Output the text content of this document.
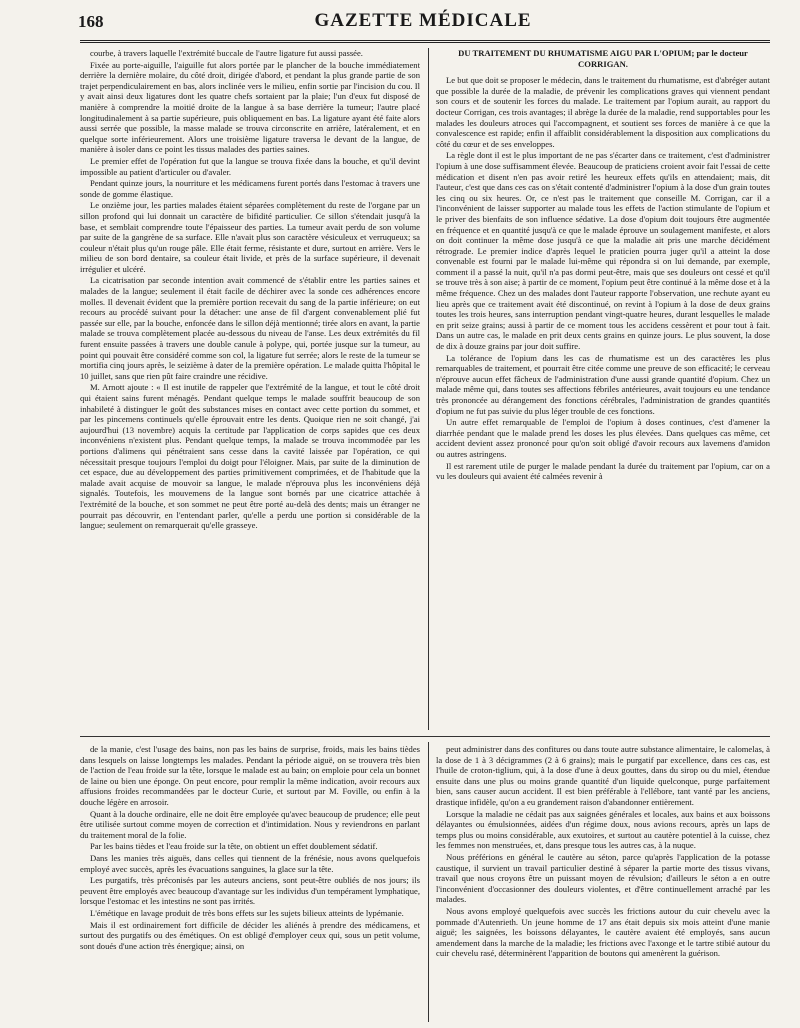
168	GAZETTE MÉDICALE

courbe, à travers laquelle l'extrémité buccale de l'autre ligature fut aussi passée.

Fixée au porte-aiguille, l'aiguille fut alors portée par le plancher de la bouche immédiatement derrière la dernière molaire, du côté droit, dirigée d'abord, et pendant la plus grande partie de son trajet perpendiculairement en bas, alors inclinée vers le milieu, enfin sortie par l'incision du cou. Il y avait ainsi deux ligatures dont les quatre chefs sortaient par la plaie; l'un d'eux fut disposé de manière à comprendre la moitié droite de la langue à sa base derrière la tumeur; l'autre placé longitudinalement à sa partie supérieure, puis obliquement en bas. La ligature ayant été faite alors aussi serrée que possible, la masse malade se trouva circonscrite en arrière, latéralement, et en quelque sorte inférieurement. Alors une troisième ligature traversa le devant de la langue, de manière à isoler dans ce point les tissus malades des parties saines.

Le premier effet de l'opération fut que la langue se trouva fixée dans la bouche, et qu'il devint impossible au patient d'articuler ou d'avaler.

Pendant quinze jours, la nourriture et les médicamens furent portés dans l'estomac à travers une sonde de gomme élastique.

Le onzième jour, les parties malades étaient séparées complètement du reste de l'organe par un sillon profond qui lui donnait un caractère de bifidité particulier. Ce sillon s'étendait jusqu'à la base, et semblait comprendre toute l'épaisseur des parties. La tumeur avait perdu de son volume par suite de la gangrène de sa surface. Elle n'avait plus son caractère vésiculeux et verruqueux; sa couleur n'était plus qu'un rouge pâle. Elle était ferme, résistante et dure, surtout en arrière. Vers le milieu de son bord dentaire, sa couleur était livide, et près de la surface supérieure, il devenait irrégulier et ulcéré.

La cicatrisation par seconde intention avait commencé de s'établir entre les parties saines et malades de la langue; seulement il était facile de déchirer avec la sonde ces adhérences encore molles. Il devenait évident que la première portion recevait du sang de la partie inférieure; on eut recours au procédé suivant pour la détacher: une anse de fil d'argent convenablement plié fut passée sur elle, par la bouche, enfoncée dans le sillon déjà mentionné; tirée alors en avant, la partie malade se trouva complètement placée au-dessous du niveau de l'anse. Les deux extrémités du fil furent ensuite passées à travers une double canule à polype, qui, portée jusque sur la tumeur, au point qui pouvait être considéré comme son col, la ligature fut serrée; alors le reste de la tumeur se mortifia cinq jours après, le seizième à dater de la première opération. Le malade quitta l'hôpital le 10 juillet, sans que rien pût faire craindre une récidive.

M. Arnott ajoute : « Il est inutile de rappeler que l'extrémité de la langue, et tout le côté droit qui étaient sains furent ménagés. Pendant quelque temps le malade souffrit beaucoup de son inhabileté à distinguer le goût des substances mises en contact avec cette portion du sommet, et par les pincemens continuels qu'elle éprouvait entre les dents. Quoique rien ne soit changé, j'ai aujourd'hui (13 novembre) acquis la certitude par l'application de corps sapides que ces deux inconvéniens n'existent plus. Pendant quelque temps, la malade se trouva incommodée par les portions d'alimens qui pénétraient sans cesse dans la cavité laissée par l'opération, ce qui nécessitait presque toujours l'emploi du doigt pour l'éloigner. Mais, par suite de la diminution de cet espace, due au développement des parties primitivement comprimées, et de l'habitude que la malade avait acquise de mouvoir sa langue, le malade n'éprouva plus les inconvéniens déjà signalés. Toutefois, les mouvemens de la langue sont bornés par une cicatrice attachée à l'extrémité de la bouche, et son sommet ne peut être porté au-delà des dents; mais un étranger ne pourrait pas découvrir, en l'entendant parler, qu'elle a perdu une portion si considérable de la langue; seulement on remarquerait qu'elle grasseye.

DU TRAITEMENT DU RHUMATISME AIGU PAR L'OPIUM; par le docteur CORRIGAN.

Le but que doit se proposer le médecin, dans le traitement du rhumatisme, est d'abréger autant que possible la durée de la maladie, de prévenir les complications graves qui viennent pendant son cours et de soutenir les forces du malade. Le traitement par l'opium aurait, au rapport du docteur Corrigan, ces trois avantages; il abrège la durée de la maladie, rend supportables pour les malades les douleurs atroces qui l'accompagnent, et soutient ses forces de manière à ce que la convalescence est rapide; enfin il affaiblit considérablement la disposition aux complications du côté du cœur et de ses enveloppes.

La règle dont il est le plus important de ne pas s'écarter dans ce traitement, c'est d'administrer l'opium à une dose suffisamment élevée. Beaucoup de praticiens croient avoir fait l'essai de cette médication et disent n'en pas avoir retiré les heureux effets qu'ils en attendaient; mais, dit l'auteur, c'est que dans ces cas on s'était contenté d'administrer l'opium à la dose d'un grain toutes les cinq ou six heures. Or, ce n'est pas le traitement que conseille M. Corrigan, car il a l'inconvénient de laisser supporter au malade tous les effets de l'action stimulante de l'opium et le priver des bienfaits de son influence sédative. La dose d'opium doit toujours être augmentée en fréquence et en quantité jusqu'à ce que le malade éprouve un soulagement manifeste, et alors on doit continuer la même dose jusqu'à ce que la maladie ait pris une marche décidément rétrograde. Le premier indice d'après lequel le praticien pourra juger qu'il a atteint la dose convenable est fourni par le malade lui-même qui répondra si on lui demande, par exemple, comment il a passé la nuit, qu'il n'a pas dormi peut-être, mais que ses douleurs ont cessé et qu'il se trouve très à son aise; à partir de ce moment, l'opium peut être continué à la même dose et à la même fréquence. Chez un des malades dont l'auteur rapporte l'observation, une rechute ayant eu lieu après que ce traitement avait été discontinué, on revint à l'opium à la dose de deux grains toutes les trois heures, sans interruption pendant vingt-quatre heures, durant lesquelles le malade en prit seize grains; aussi à partir de ce moment tous les accidens cessèrent et pour tout à fait. Dans un autre cas, le malade en prit deux cents grains en quinze jours. Le plus souvent, la dose de dix à douze grains par jour doit suffire.

La tolérance de l'opium dans les cas de rhumatisme est un des caractères les plus remarquables de traitement, et pourrait être citée comme une preuve de son efficacité; le cerveau n'éprouve aucun effet fâcheux de l'administration d'une aussi grande quantité d'opium. Chez un malade même qui, dans toutes ses affections fébriles antérieures, avait toujours eu une tendance très prononcée au dérangement des fonctions cérébrales, l'administration de grandes quantités d'opium ne fut pas suivie du plus léger trouble de ces fonctions.

Un autre effet remarquable de l'emploi de l'opium à doses continues, c'est d'amener la diarrhée pendant que le malade prend les doses les plus élevées. Dans quelques cas même, cet accident devient assez prononcé pour qu'on soit obligé d'avoir recours aux lavemens d'amidon ou autres astringens.

Il est rarement utile de purger le malade pendant la durée du traitement par l'opium, car on a vu les douleurs qui avaient été calmées revenir à

de la manie, c'est l'usage des bains, non pas les bains de surprise, froids, mais les bains tièdes dans lesquels on laisse longtemps les malades. Pendant la période aiguë, on se trouvera très bien de l'action de l'eau froide sur la tête, lorsque le malade est au bain; on emploie pour cela un bonnet de laine ou bien une éponge. On peut encore, pour remplir la même indication, avoir recours aux affusions froides recommandées par le docteur Curie, et surtout par M. Foville, ou enfin à la douche légère en arrosoir.

Quant à la douche ordinaire, elle ne doit être employée qu'avec beaucoup de prudence; elle peut être utilisée surtout comme moyen de correction et d'intimidation. Nous y reviendrons en parlant du traitement moral de la folie.

Par les bains tièdes et l'eau froide sur la tête, on obtient un effet doublement sédatif.

Dans les manies très aiguës, dans celles qui tiennent de la frénésie, nous avons quelquefois employé avec succès, après les évacuations sanguines, la glace sur la tête.

Les purgatifs, très préconisés par les auteurs anciens, sont peut-être oubliés de nos jours; ils peuvent être employés avec beaucoup d'avantage sur les individus d'un tempérament lymphatique, lorsque l'estomac et les intestins ne sont pas irrités.

L'émétique en lavage produit de très bons effets sur les sujets bilieux atteints de lypémanie.

Mais il est ordinairement fort difficile de décider les aliénés à prendre des médicamens, et surtout des purgatifs ou des émétiques. On est obligé d'employer ceux qui, sous un petit volume, sont doués d'une action très énergique; ainsi, on

peut administrer dans des confitures ou dans toute autre substance alimentaire, le calomelas, à la dose de 1 à 3 décigrammes (2 à 6 grains); mais le purgatif par excellence, dans ces cas, est l'huile de croton-tiglium, qui, à la dose d'une à deux gouttes, dans du sirop ou du miel, étendue ensuite dans une plus ou moins grande quantité d'un liquide quelconque, purge parfaitement bien, sans causer aucun accident. Il est bien préférable à l'ellébore, tant vanté par les anciens, drastique infidèle, qu'on a eu grandement raison d'abandonner entièrement.

Lorsque la maladie ne cédait pas aux saignées générales et locales, aux bains et aux boissons délayantes ou émulsionnées, aidées d'un régime doux, nous avions recours, après un laps de temps plus ou moins considérable, aux exutoires, et surtout au cautère potentiel à la cuisse, chez les femmes non menstruées, et, dans presque tous les autres cas, à la nuque.

Nous préférions en général le cautère au séton, parce qu'après l'application de la potasse caustique, il survient un travail particulier destiné à séparer la partie morte des tissus vivans, travail que nous croyons être un puissant moyen de révulsion; d'ailleurs le séton a en outre l'inconvénient d'occasionner des douleurs violentes, et d'être continuellement arraché par les malades.

Nous avons employé quelquefois avec succès les frictions autour du cuir chevelu avec la pommade d'Autenrieth. Un jeune homme de 17 ans était depuis six mois atteint d'une manie aiguë; les saignées, les boissons délayantes, le cautère avaient été employés, sans aucun amendement dans la marche de la maladie; les frictions avec l'axonge et le tartre stibié autour du cuir chevelu rasé, déterminèrent l'apparition de boutons qui amenèrent la guérison.
